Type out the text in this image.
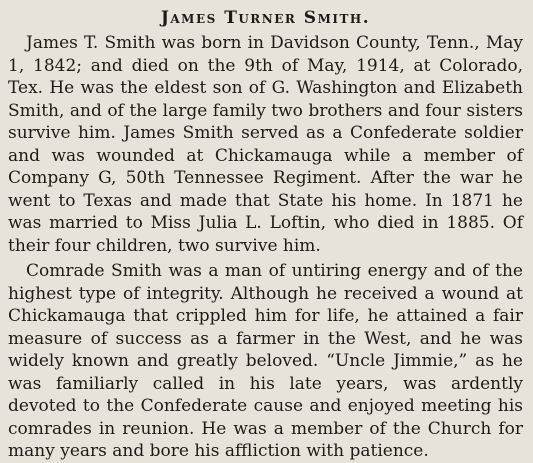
James Turner Smith.

James T. Smith was born in Davidson County, Tenn., May 1, 1842; and died on the 9th of May, 1914, at Colorado, Tex. He was the eldest son of G. Washington and Elizabeth Smith, and of the large family two brothers and four sisters survive him. James Smith served as a Confederate soldier and was wounded at Chickamauga while a member of Company G, 50th Tennessee Regiment. After the war he went to Texas and made that State his home. In 1871 he was married to Miss Julia L. Loftin, who died in 1885. Of their four children, two survive him.

Comrade Smith was a man of untiring energy and of the highest type of integrity. Although he received a wound at Chickamauga that crippled him for life, he attained a fair measure of success as a farmer in the West, and he was widely known and greatly beloved. “Uncle Jimmie,” as he was familiarly called in his late years, was ardently devoted to the Confederate cause and enjoyed meeting his comrades in reunion. He was a member of the Church for many years and bore his affliction with patience.
